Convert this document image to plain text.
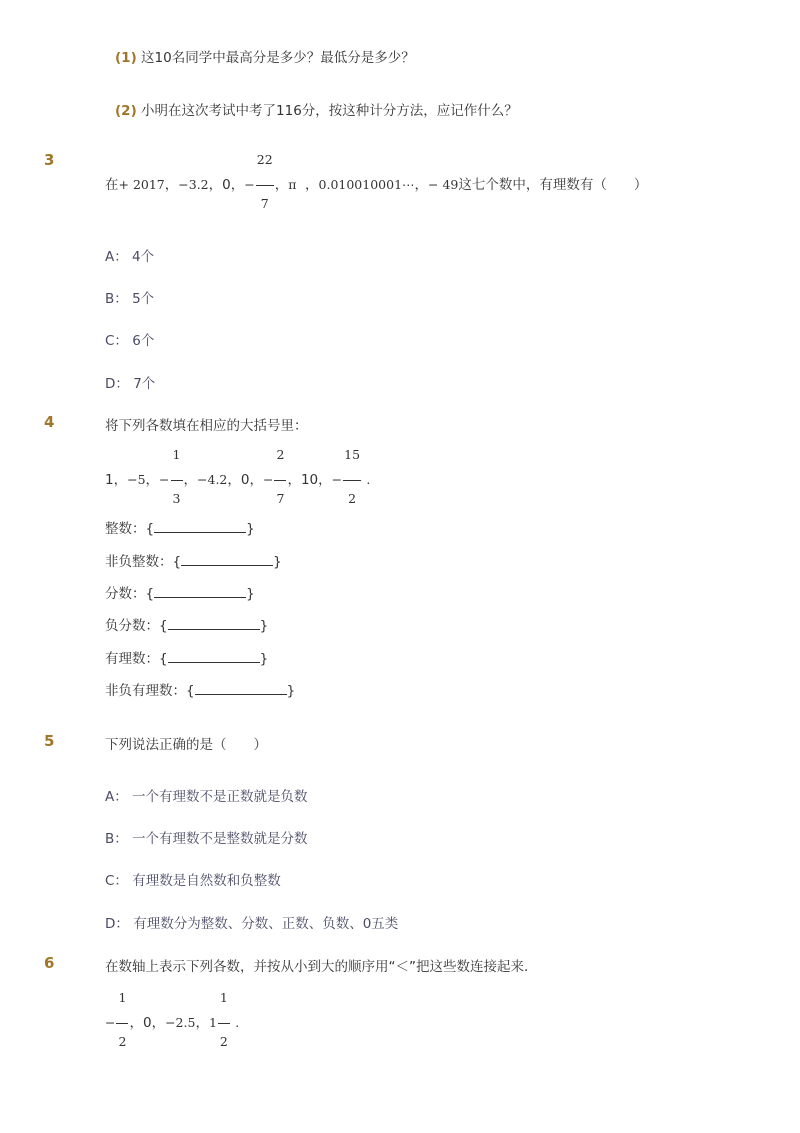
(1) 这10名同学中最高分是多少？最低分是多少？
(2) 小明在这次考试中考了116分，按这种计分方法，应记作什么？
3
在+ 2017，−3.2，0，− $\frac{22}{7}$ ，π ，0.010010001⋯，− 49这七个数中，有理数有（　　）
A： 4个
B： 5个
C： 6个
D： 7个
4	将下列各数填在相应的大括号里：
1，−5，− $\frac{1}{3}$ ，−4.2，0，− $\frac{2}{7}$ ，10，− $\frac{15}{2}$ .
整数：{	}
非负整数：{	}
分数：{	}
负分数：{	}
有理数：{	}
非负有理数：{	}
5	下列说法正确的是（　　）
A： 一个有理数不是正数就是负数
B： 一个有理数不是整数就是分数
C： 有理数是自然数和负整数
D： 有理数分为整数、分数、正数、负数、0五类
6	在数轴上表示下列各数，并按从小到大的顺序用“＜”把这些数连接起来．
− $\frac{1}{2}$ ，0，−2.5，$1 \frac{1}{2}$ .
